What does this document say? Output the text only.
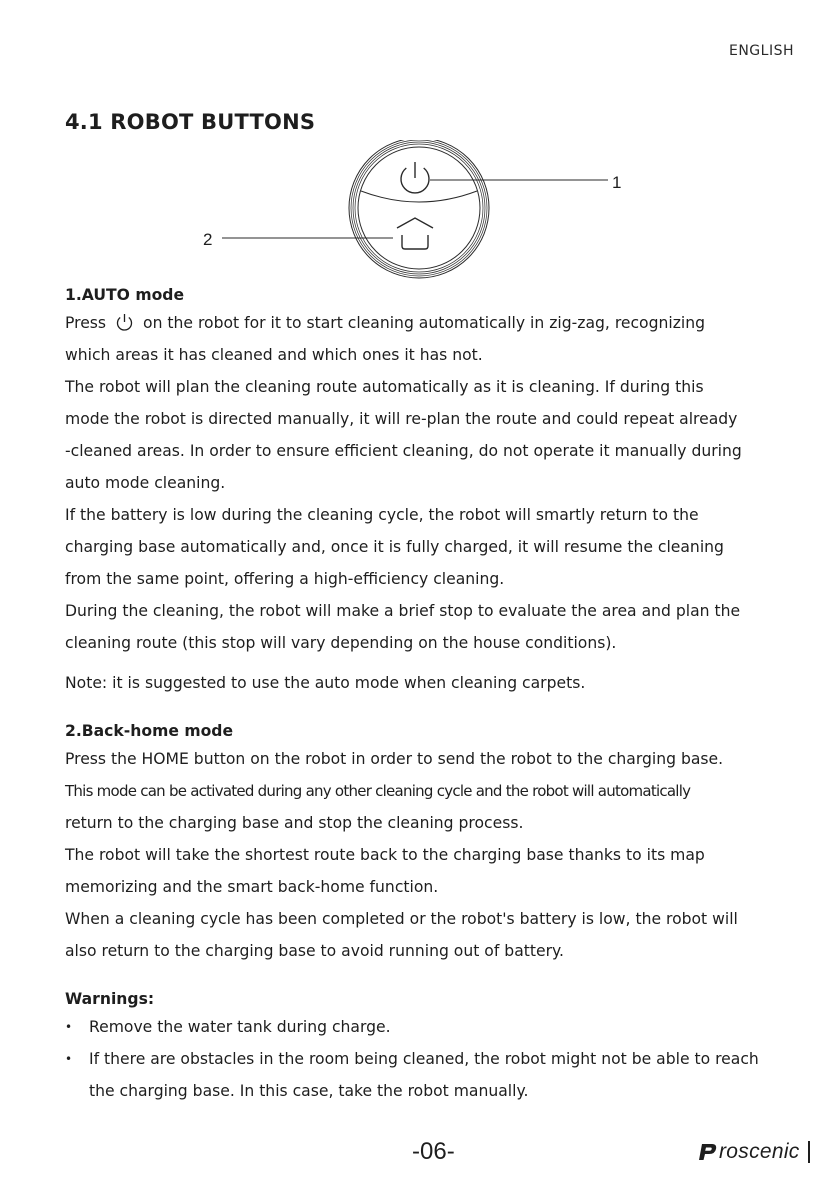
ENGLISH
4.1 ROBOT BUTTONS
1
2

1.AUTO mode

Press on the robot for it to start cleaning automatically in zig-zag, recognizing

which areas it has cleaned and which ones it has not.

The robot will plan the cleaning route automatically as it is cleaning. If during this

mode the robot is directed manually, it will re-plan the route and could repeat already

-cleaned areas. In order to ensure efficient cleaning, do not operate it manually during

auto mode cleaning.

If the battery is low during the cleaning cycle, the robot will smartly return to the

charging base automatically and, once it is fully charged, it will resume the cleaning

from the same point, offering a high-efficiency cleaning.

During the cleaning, the robot will make a brief stop to evaluate the area and plan the

cleaning route (this stop will vary depending on the house conditions).

Note: it is suggested to use the auto mode when cleaning carpets.

2.Back-home mode

Press the HOME button on the robot in order to send the robot to the charging base.

This mode can be activated during any other cleaning cycle and the robot will automatically

return to the charging base and stop the cleaning process.

The robot will take the shortest route back to the charging base thanks to its map

memorizing and the smart back-home function.

When a cleaning cycle has been completed or the robot's battery is low, the robot will

also return to the charging base to avoid running out of battery.

Warnings:

• Remove the water tank during charge.
• If there are obstacles in the room being cleaned, the robot might not be able to reach

the charging base. In this case, take the robot manually.

-06-	roscenic
